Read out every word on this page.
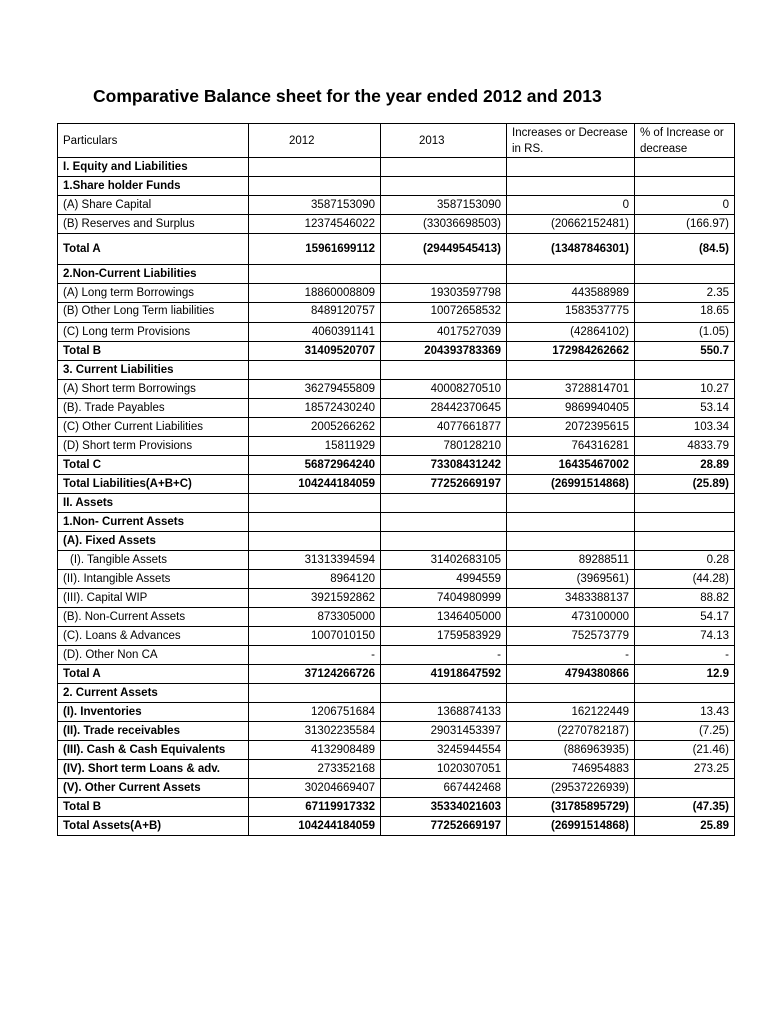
Comparative Balance sheet for the year ended 2012 and 2013
Particulars	2012	2013	Increases or Decrease in RS.	% of Increase or decrease
I. Equity and Liabilities				
1.Share holder Funds				
(A) Share Capital	3587153090	3587153090	0	0
(B) Reserves and Surplus	12374546022	(33036698503)	(20662152481)	(166.97)
Total A	15961699112	(29449545413)	(13487846301)	(84.5)
2.Non-Current Liabilities				
(A) Long term Borrowings	18860008809	19303597798	443588989	2.35
(B) Other Long Term liabilities	8489120757	10072658532	1583537775	18.65
(C) Long term Provisions	4060391141	4017527039	(42864102)	(1.05)
Total B	31409520707	204393783369	172984262662	550.7
3. Current Liabilities				
(A) Short term Borrowings	36279455809	40008270510	3728814701	10.27
(B). Trade Payables	18572430240	28442370645	9869940405	53.14
(C) Other Current Liabilities	2005266262	4077661877	2072395615	103.34
(D) Short term Provisions	15811929	780128210	764316281	4833.79
Total C	56872964240	73308431242	16435467002	28.89
Total Liabilities(A+B+C)	104244184059	77252669197	(26991514868)	(25.89)
II. Assets				
1.Non- Current Assets				
(A). Fixed Assets				
(I). Tangible Assets	31313394594	31402683105	89288511	0.28
(II). Intangible Assets	8964120	4994559	(3969561)	(44.28)
(III). Capital WIP	3921592862	7404980999	3483388137	88.82
(B). Non-Current Assets	873305000	1346405000	473100000	54.17
(C). Loans & Advances	1007010150	1759583929	752573779	74.13
(D). Other Non CA	-	-	-	-
Total A	37124266726	41918647592	4794380866	12.9
2. Current Assets				
(I). Inventories	1206751684	1368874133	162122449	13.43
(II). Trade receivables	31302235584	29031453397	(2270782187)	(7.25)
(III). Cash & Cash Equivalents	4132908489	3245944554	(886963935)	(21.46)
(IV). Short term Loans & adv.	273352168	1020307051	746954883	273.25
(V). Other Current Assets	30204669407	667442468	(29537226939)	
Total B	67119917332	35334021603	(31785895729)	(47.35)
Total Assets(A+B)	104244184059	77252669197	(26991514868)	25.89
